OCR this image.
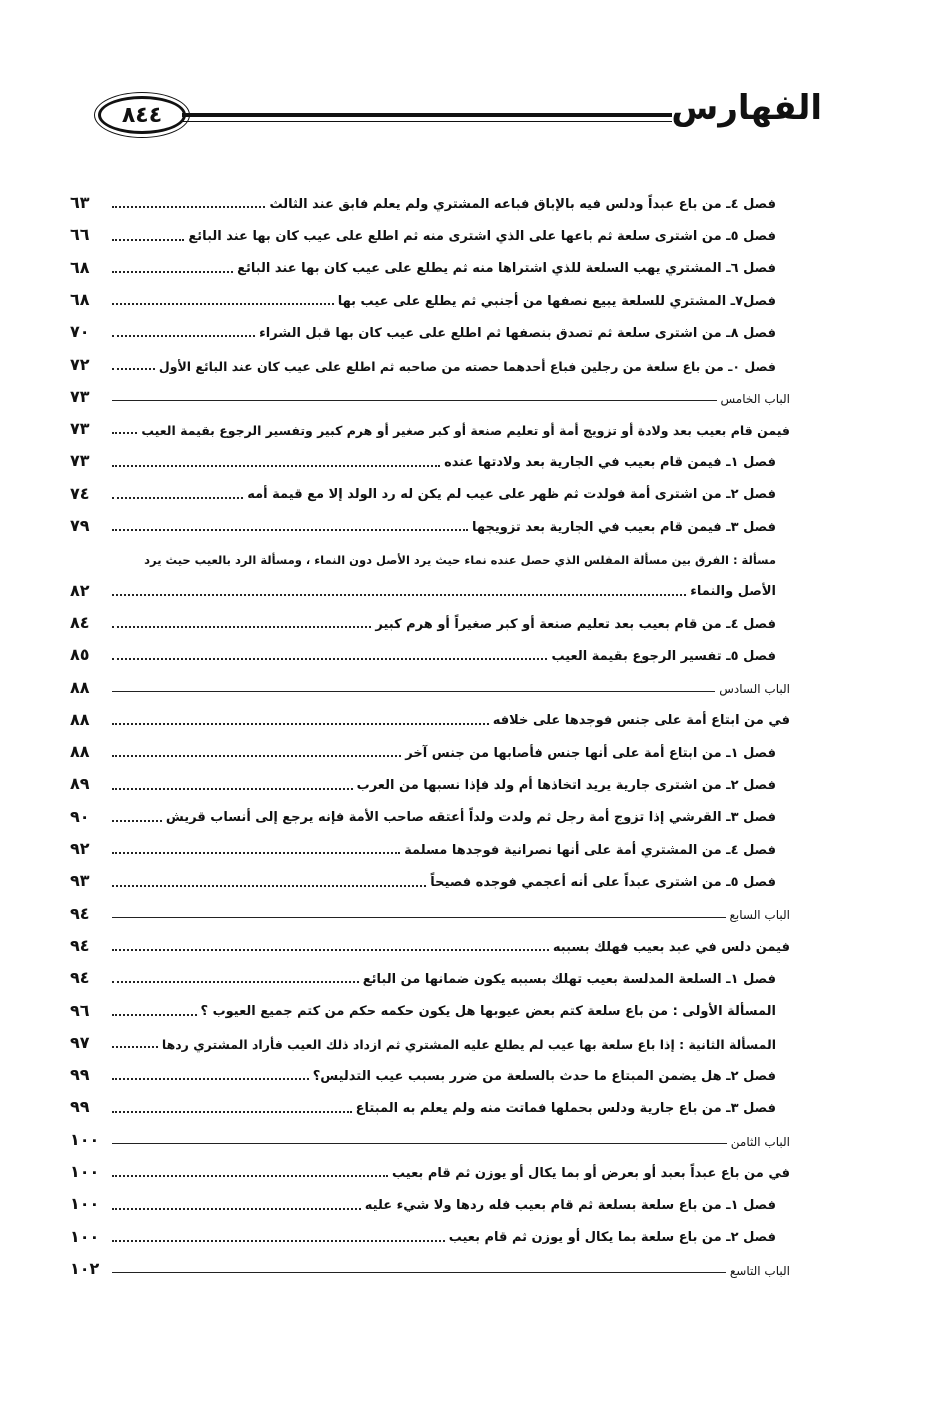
٨٤٤	الفهارس
فصل ٤ـ من باع عبداً ودلس فيه بالإباق فباعه المشتري ولم يعلم فابق عند الثالث
٦٣
فصل ٥ـ من اشترى سلعة ثم باعها على الذي اشترى منه ثم اطلع على عيب كان بها عند البائع
٦٦
فصل ٦ـ المشتري يهب السلعة للذي اشتراها منه ثم يطلع على عيب كان بها عند البائع
٦٨
فصل٧ـ المشتري للسلعة يبيع نصفها من أجنبي ثم يطلع على عيب بها
٦٨
فصل ٨ـ من اشترى سلعة ثم تصدق بنصفها ثم اطلع على عيب كان بها قبل الشراء
٧٠
فصل ٠ـ من باع سلعة من رجلين فباع أحدهما حصته من صاحبه ثم اطلع على عيب كان عند البائع الأول
٧٢
الباب الخامس
٧٣
فيمن قام بعيب بعد ولادة أو تزويج أمة أو تعليم صنعة أو كبر صغير أو هرم كبير وتفسير الرجوع بقيمة العيب
٧٣
فصل ١ـ فيمن قام بعيب في الجارية بعد ولادتها عنده
٧٣
فصل ٢ـ من اشترى أمة فولدت ثم ظهر على عيب لم يكن له رد الولد إلا مع قيمة أمه
٧٤
فصل ٣ـ فيمن قام بعيب في الجارية بعد تزويجها
٧٩
مسألة : الفرق بين مسألة المفلس الذي حصل عنده نماء حيث يرد الأصل دون النماء ، ومسألة الرد بالعيب حيث يرد
الأصل والنماء
٨٢
فصل ٤ـ من قام بعيب بعد تعليم صنعة أو كبر صغيراً أو هرم كبير
٨٤
فصل ٥ـ تفسير الرجوع بقيمة العيب
٨٥
الباب السادس
٨٨
في من ابتاع أمة على جنس فوجدها على خلافه
٨٨
فصل ١ـ من ابتاع أمة على أنها جنس فأصابها من جنس آخر
٨٨
فصل ٢ـ من اشترى جارية يريد اتخاذها أم ولد فإذا نسبها من العرب
٨٩
فصل ٣ـ القرشي إذا تزوج أمة رجل ثم ولدت ولداً أعتقه صاحب الأمة فإنه يرجع إلى أنساب قريش
٩٠
فصل ٤ـ من المشتري أمة على أنها نصرانية فوجدها مسلمة
٩٢
فصل ٥ـ من اشترى عبداً على أنه أعجمي فوجده فصيحاً
٩٣
الباب السابع
٩٤
فيمن دلس في عبد بعيب فهلك بسببه
٩٤
فصل ١ـ السلعة المدلسة بعيب تهلك بسببه يكون ضمانها من البائع
٩٤
المسألة الأولى : من باع سلعة كتم بعض عيوبها هل يكون حكمه حكم من كتم جميع العيوب ؟
٩٦
المسألة الثانية : إذا باع سلعة بها عيب لم يطلع عليه المشتري ثم ازداد ذلك العيب فأراد المشتري ردها
٩٧
فصل ٢ـ هل يضمن المبتاع ما حدث بالسلعة من ضرر بسبب عيب التدليس؟
٩٩
فصل ٣ـ من باع جارية ودلس بحملها فماتت منه ولم يعلم به المبتاع
٩٩
الباب الثامن
١٠٠
في من باع عبداً بعبد أو بعرض أو بما يكال أو يوزن ثم قام بعيب
١٠٠
فصل ١ـ من باع سلعة بسلعة ثم قام بعيب فله ردها ولا شيء عليه
١٠٠
فصل ٢ـ من باع سلعة بما يكال أو يوزن ثم قام بعيب
١٠٠
الباب التاسع
١٠٢
